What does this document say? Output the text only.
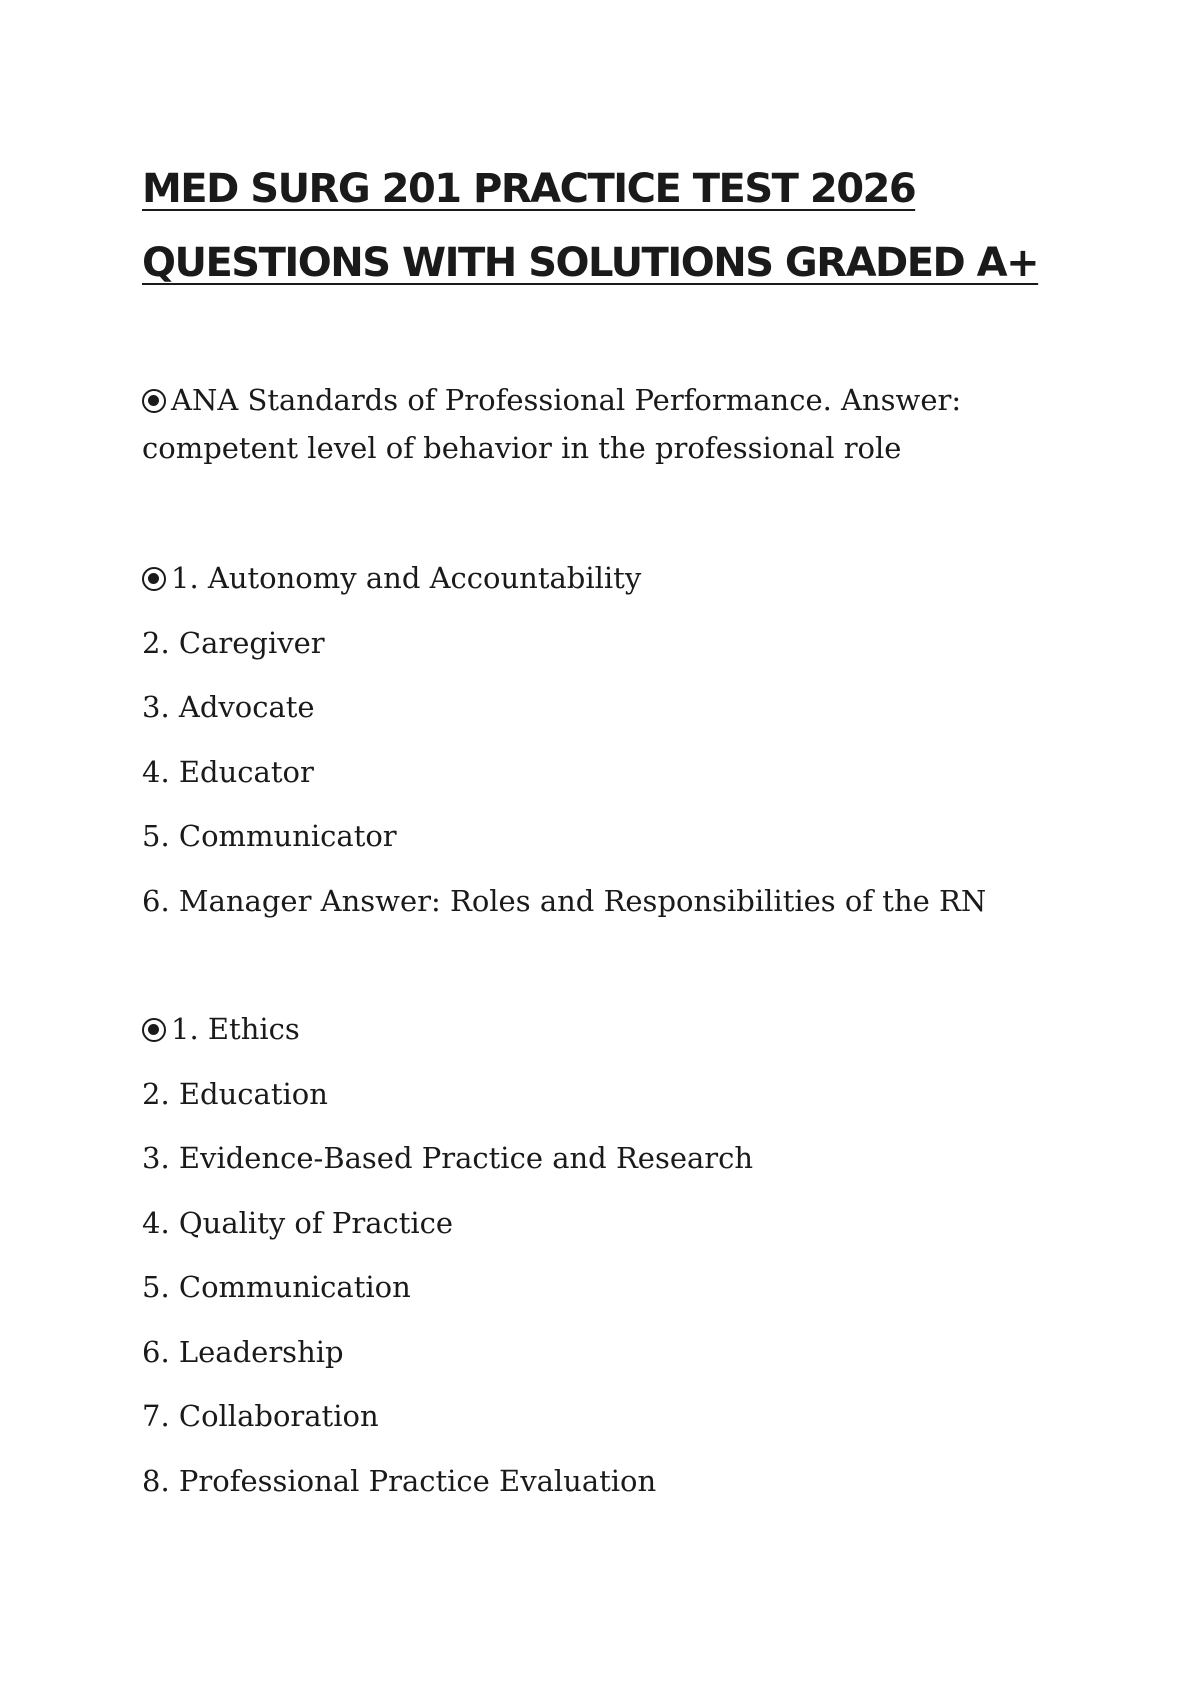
MED SURG 201 PRACTICE TEST 2026
QUESTIONS WITH SOLUTIONS GRADED A+

ANA Standards of Professional Performance. Answer: competent level of behavior in the professional role

1. Autonomy and Accountability

2. Caregiver

3. Advocate

4. Educator

5. Communicator

6. Manager Answer: Roles and Responsibilities of the RN

1. Ethics

2. Education

3. Evidence-Based Practice and Research

4. Quality of Practice

5. Communication

6. Leadership

7. Collaboration

8. Professional Practice Evaluation
